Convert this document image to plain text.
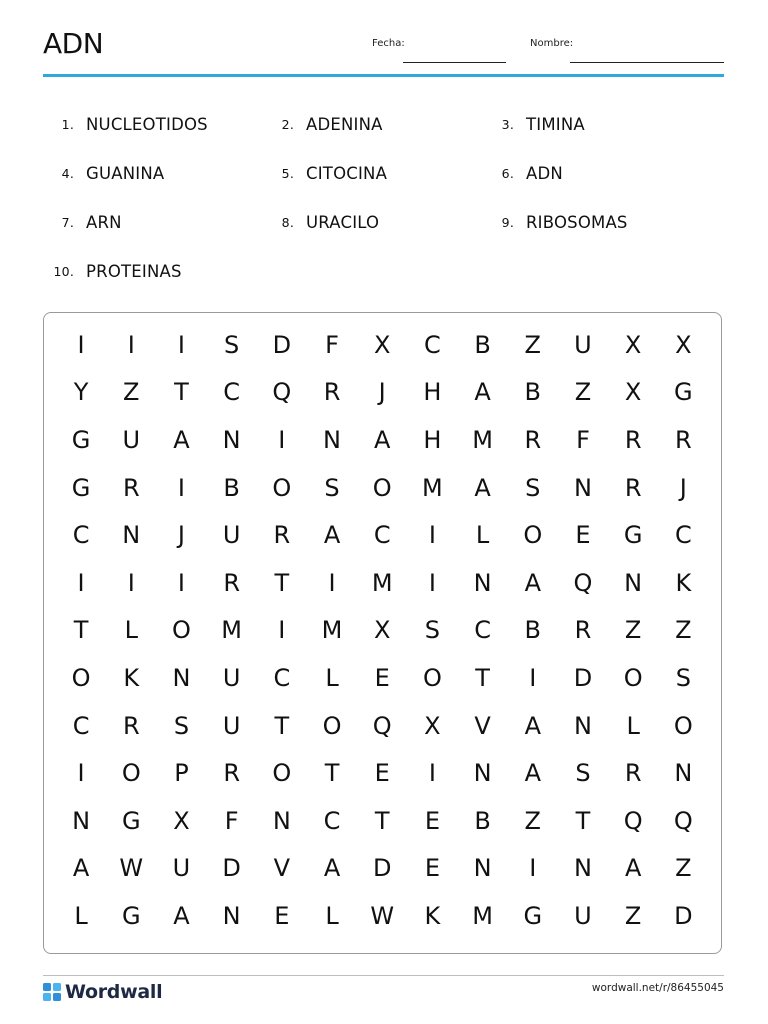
ADN	Fecha:	Nombre:
1. NUCLEOTIDOS	2. ADENINA	3. TIMINA
4. GUANINA	5. CITOCINA	6. ADN
7. ARN	8. URACILO	9. RIBOSOMAS
10. PROTEINAS
I	I	I	S	D	F	X	C	B	Z	U	X	X
Y	Z	T	C	Q	R	J	H	A	B	Z	X	G
G	U	A	N	I	N	A	H	M	R	F	R	R
G	R	I	B	O	S	O	M	A	S	N	R	J
C	N	J	U	R	A	C	I	L	O	E	G	C
I	I	I	R	T	I	M	I	N	A	Q	N	K
T	L	O	M	I	M	X	S	C	B	R	Z	Z
O	K	N	U	C	L	E	O	T	I	D	O	S
C	R	S	U	T	O	Q	X	V	A	N	L	O
I	O	P	R	O	T	E	I	N	A	S	R	N
N	G	X	F	N	C	T	E	B	Z	T	Q	Q
A	W	U	D	V	A	D	E	N	I	N	A	Z
L	G	A	N	E	L	W	K	M	G	U	Z	D
Wordwall	wordwall.net/r/86455045
